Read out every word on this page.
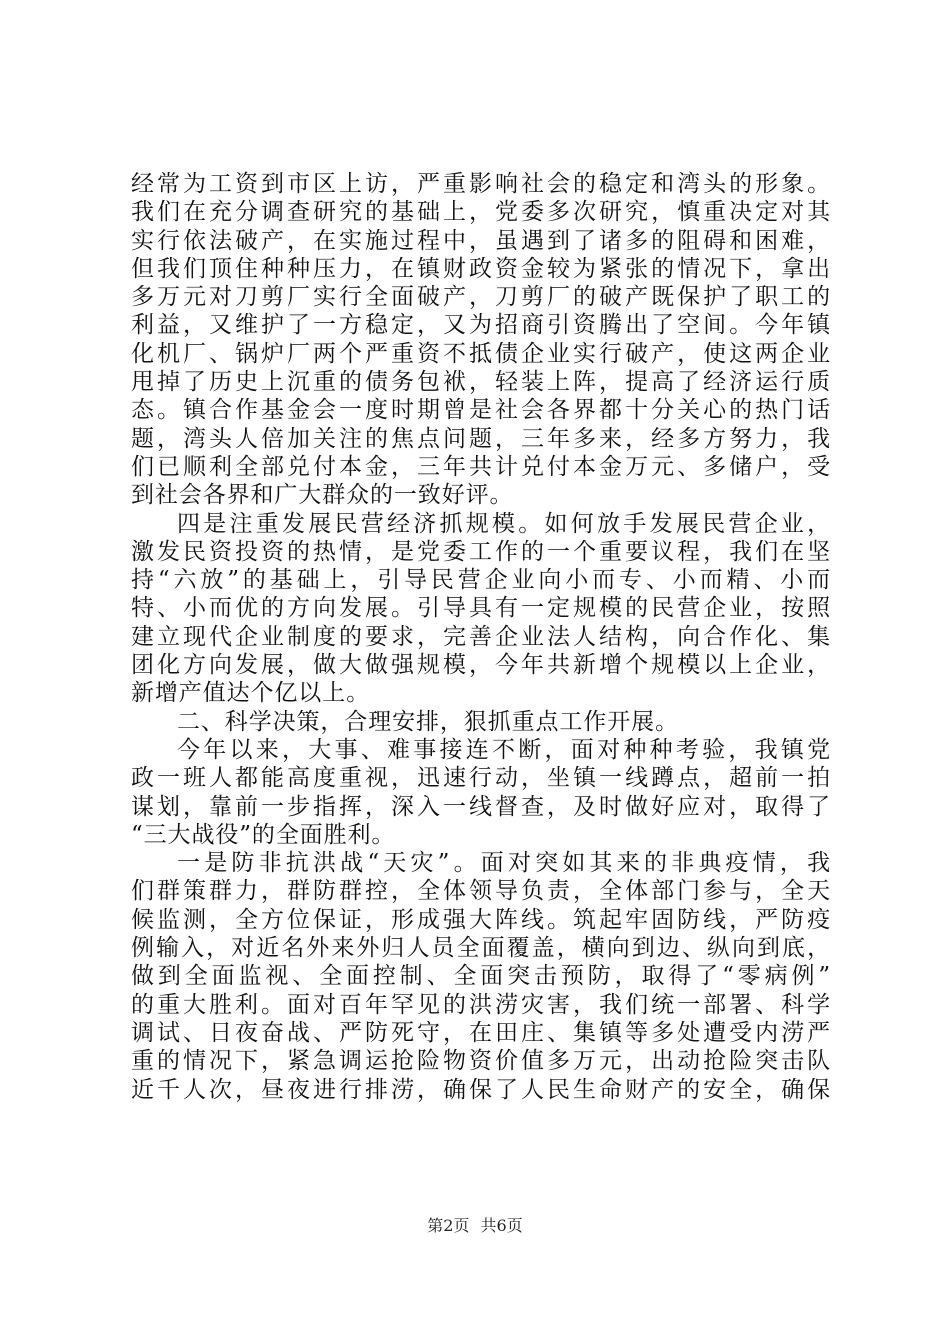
经常为工资到市区上访，严重影响社会的稳定和湾头的形象。
我们在充分调查研究的基础上，党委多次研究，慎重决定对其
实行依法破产，在实施过程中，虽遇到了诸多的阻碍和困难，
但我们顶住种种压力，在镇财政资金较为紧张的情况下，拿出
多万元对刀剪厂实行全面破产，刀剪厂的破产既保护了职工的
利益，又维护了一方稳定，又为招商引资腾出了空间。今年镇
化机厂、锅炉厂两个严重资不抵债企业实行破产，使这两企业
甩掉了历史上沉重的债务包袱，轻装上阵，提高了经济运行质
态。镇合作基金会一度时期曾是社会各界都十分关心的热门话
题，湾头人倍加关注的焦点问题，三年多来，经多方努力，我
们已顺利全部兑付本金，三年共计兑付本金万元、多储户，受
到社会各界和广大群众的一致好评。
四是注重发展民营经济抓规模。如何放手发展民营企业，
激发民资投资的热情，是党委工作的一个重要议程，我们在坚
持“六放”的基础上，引导民营企业向小而专、小而精、小而
特、小而优的方向发展。引导具有一定规模的民营企业，按照
建立现代企业制度的要求，完善企业法人结构，向合作化、集
团化方向发展，做大做强规模，今年共新增个规模以上企业，
新增产值达个亿以上。
二、科学决策，合理安排，狠抓重点工作开展。
今年以来，大事、难事接连不断，面对种种考验，我镇党
政一班人都能高度重视，迅速行动，坐镇一线蹲点，超前一拍
谋划，靠前一步指挥，深入一线督查，及时做好应对，取得了
“三大战役”的全面胜利。
一是防非抗洪战“天灾”。面对突如其来的非典疫情，我
们群策群力，群防群控，全体领导负责，全体部门参与，全天
候监测，全方位保证，形成强大阵线。筑起牢固防线，严防疫
例输入，对近名外来外归人员全面覆盖，横向到边、纵向到底，
做到全面监视、全面控制、全面突击预防，取得了“零病例”
的重大胜利。面对百年罕见的洪涝灾害，我们统一部署、科学
调试、日夜奋战、严防死守，在田庄、集镇等多处遭受内涝严
重的情况下，紧急调运抢险物资价值多万元，出动抢险突击队
近千人次，昼夜进行排涝，确保了人民生命财产的安全，确保
第2页 共6页
